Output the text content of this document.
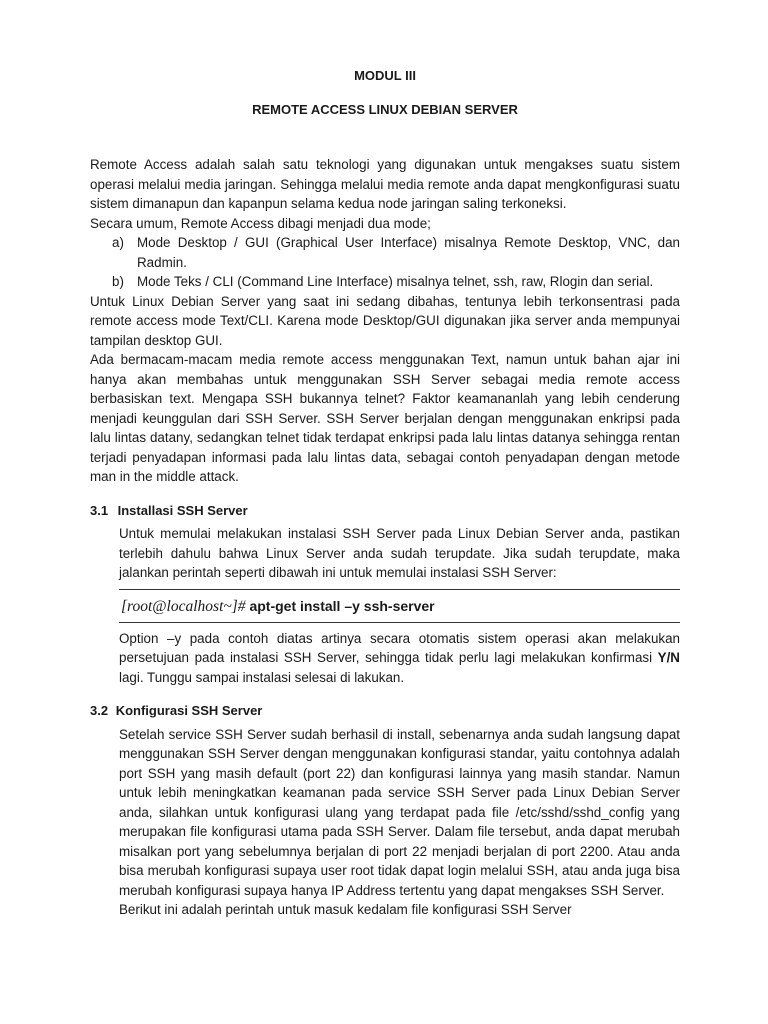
MODUL III
REMOTE ACCESS LINUX DEBIAN SERVER

Remote Access adalah salah satu teknologi yang digunakan untuk mengakses suatu sistem operasi melalui media jaringan. Sehingga melalui media remote anda dapat mengkonfigurasi suatu sistem dimanapun dan kapanpun selama kedua node jaringan saling terkoneksi.

Secara umum, Remote Access dibagi menjadi dua mode;

a) Mode Desktop / GUI (Graphical User Interface) misalnya Remote Desktop, VNC, dan Radmin.
b) Mode Teks / CLI (Command Line Interface) misalnya telnet, ssh, raw, Rlogin dan serial.

Untuk Linux Debian Server yang saat ini sedang dibahas, tentunya lebih terkonsentrasi pada remote access mode Text/CLI. Karena mode Desktop/GUI digunakan jika server anda mempunyai tampilan desktop GUI.

Ada bermacam-macam media remote access menggunakan Text, namun untuk bahan ajar ini hanya akan membahas untuk menggunakan SSH Server sebagai media remote access berbasiskan text. Mengapa SSH bukannya telnet? Faktor keamananlah yang lebih cenderung menjadi keunggulan dari SSH Server. SSH Server berjalan dengan menggunakan enkripsi pada lalu lintas datany, sedangkan telnet tidak terdapat enkripsi pada lalu lintas datanya sehingga rentan terjadi penyadapan informasi pada lalu lintas data, sebagai contoh penyadapan dengan metode man in the middle attack.

3.1 Installasi SSH Server

Untuk memulai melakukan instalasi SSH Server pada Linux Debian Server anda, pastikan terlebih dahulu bahwa Linux Server anda sudah terupdate. Jika sudah terupdate, maka jalankan perintah seperti dibawah ini untuk memulai instalasi SSH Server:

[root@localhost~]# apt-get install –y ssh-server

Option –y pada contoh diatas artinya secara otomatis sistem operasi akan melakukan persetujuan pada instalasi SSH Server, sehingga tidak perlu lagi melakukan konfirmasi Y/N lagi. Tunggu sampai instalasi selesai di lakukan.

3.2 Konfigurasi SSH Server

Setelah service SSH Server sudah berhasil di install, sebenarnya anda sudah langsung dapat menggunakan SSH Server dengan menggunakan konfigurasi standar, yaitu contohnya adalah port SSH yang masih default (port 22) dan konfigurasi lainnya yang masih standar. Namun untuk lebih meningkatkan keamanan pada service SSH Server pada Linux Debian Server anda, silahkan untuk konfigurasi ulang yang terdapat pada file /etc/sshd/sshd_config yang merupakan file konfigurasi utama pada SSH Server. Dalam file tersebut, anda dapat merubah misalkan port yang sebelumnya berjalan di port 22 menjadi berjalan di port 2200. Atau anda bisa merubah konfigurasi supaya user root tidak dapat login melalui SSH, atau anda juga bisa merubah konfigurasi supaya hanya IP Address tertentu yang dapat mengakses SSH Server.

Berikut ini adalah perintah untuk masuk kedalam file konfigurasi SSH Server
